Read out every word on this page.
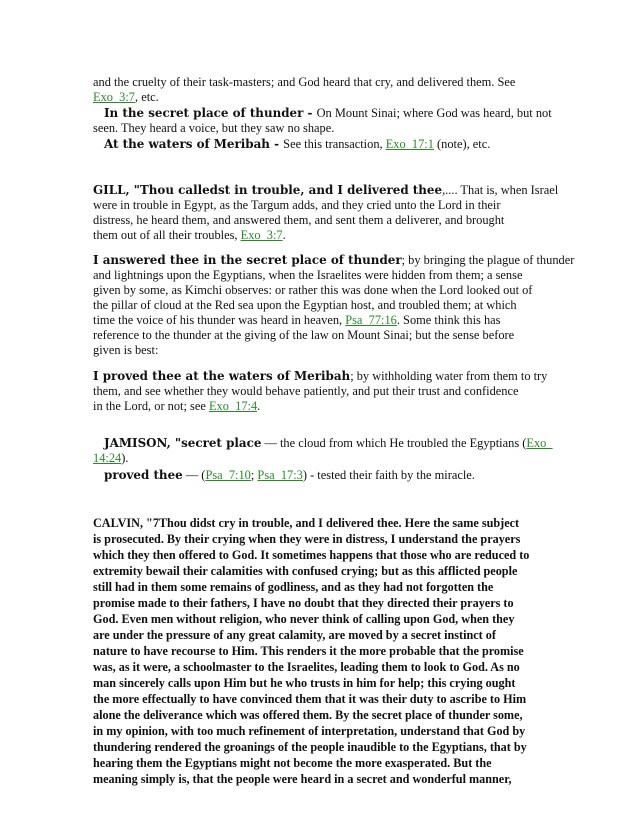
and the cruelty of their task-masters; and God heard that cry, and delivered them. See
Exo_3:7, etc.
In the secret place of thunder - On Mount Sinai; where God was heard, but not
seen. They heard a voice, but they saw no shape.
At the waters of Meribah - See this transaction, Exo_17:1 (note), etc.
GILL, "Thou calledst in trouble, and I delivered thee,.... That is, when Israel
were in trouble in Egypt, as the Targum adds, and they cried unto the Lord in their
distress, he heard them, and answered them, and sent them a deliverer, and brought
them out of all their troubles, Exo_3:7.
I answered thee in the secret place of thunder; by bringing the plague of thunder
and lightnings upon the Egyptians, when the Israelites were hidden from them; a sense
given by some, as Kimchi observes: or rather this was done when the Lord looked out of
the pillar of cloud at the Red sea upon the Egyptian host, and troubled them; at which
time the voice of his thunder was heard in heaven, Psa_77:16. Some think this has
reference to the thunder at the giving of the law on Mount Sinai; but the sense before
given is best:
I proved thee at the waters of Meribah; by withholding water from them to try
them, and see whether they would behave patiently, and put their trust and confidence
in the Lord, or not; see Exo_17:4.
JAMISON, "secret place — the cloud from which He troubled the Egyptians (Exo_
14:24).
proved thee — (Psa_7:10; Psa_17:3) - tested their faith by the miracle.
CALVIN, "7Thou didst cry in trouble, and I delivered thee. Here the same subject
is prosecuted. By their crying when they were in distress, I understand the prayers
which they then offered to God. It sometimes happens that those who are reduced to
extremity bewail their calamities with confused crying; but as this afflicted people
still had in them some remains of godliness, and as they had not forgotten the
promise made to their fathers, I have no doubt that they directed their prayers to
God. Even men without religion, who never think of calling upon God, when they
are under the pressure of any great calamity, are moved by a secret instinct of
nature to have recourse to Him. This renders it the more probable that the promise
was, as it were, a schoolmaster to the Israelites, leading them to look to God. As no
man sincerely calls upon Him but he who trusts in him for help; this crying ought
the more effectually to have convinced them that it was their duty to ascribe to Him
alone the deliverance which was offered them. By the secret place of thunder some,
in my opinion, with too much refinement of interpretation, understand that God by
thundering rendered the groanings of the people inaudible to the Egyptians, that by
hearing them the Egyptians might not become the more exasperated. But the
meaning simply is, that the people were heard in a secret and wonderful manner,
